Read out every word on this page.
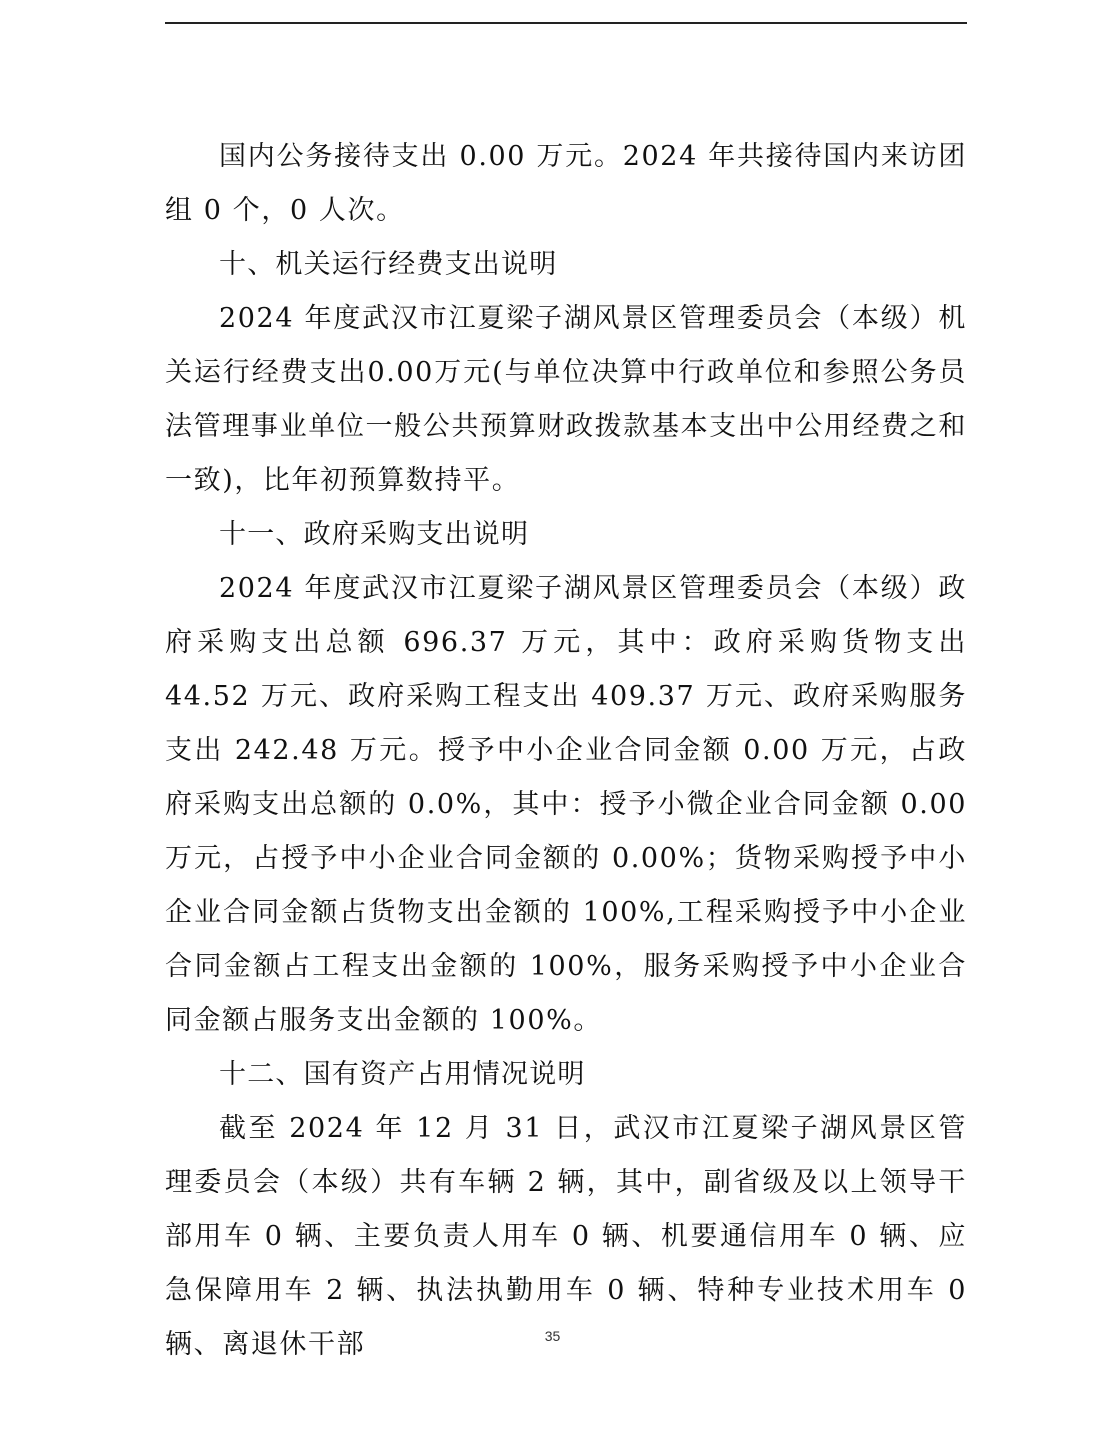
国内公务接待支出 0.00 万元。2024 年共接待国内来访团组 0 个，0 人次。

十、机关运行经费支出说明

2024 年度武汉市江夏梁子湖风景区管理委员会（本级）机关运行经费支出0.00万元(与单位决算中行政单位和参照公务员法管理事业单位一般公共预算财政拨款基本支出中公用经费之和一致)，比年初预算数持平。

十一、政府采购支出说明

2024 年度武汉市江夏梁子湖风景区管理委员会（本级）政府采购支出总额 696.37 万元，其中：政府采购货物支出 44.52 万元、政府采购工程支出 409.37 万元、政府采购服务支出 242.48 万元。授予中小企业合同金额 0.00 万元，占政府采购支出总额的 0.0%，其中：授予小微企业合同金额 0.00 万元，占授予中小企业合同金额的 0.00%；货物采购授予中小企业合同金额占货物支出金额的 100%,工程采购授予中小企业合同金额占工程支出金额的 100%，服务采购授予中小企业合同金额占服务支出金额的 100%。

十二、国有资产占用情况说明

截至 2024 年 12 月 31 日，武汉市江夏梁子湖风景区管理委员会（本级）共有车辆 2 辆，其中，副省级及以上领导干部用车 0 辆、主要负责人用车 0 辆、机要通信用车 0 辆、应急保障用车 2 辆、执法执勤用车 0 辆、特种专业技术用车 0 辆、离退休干部	35
